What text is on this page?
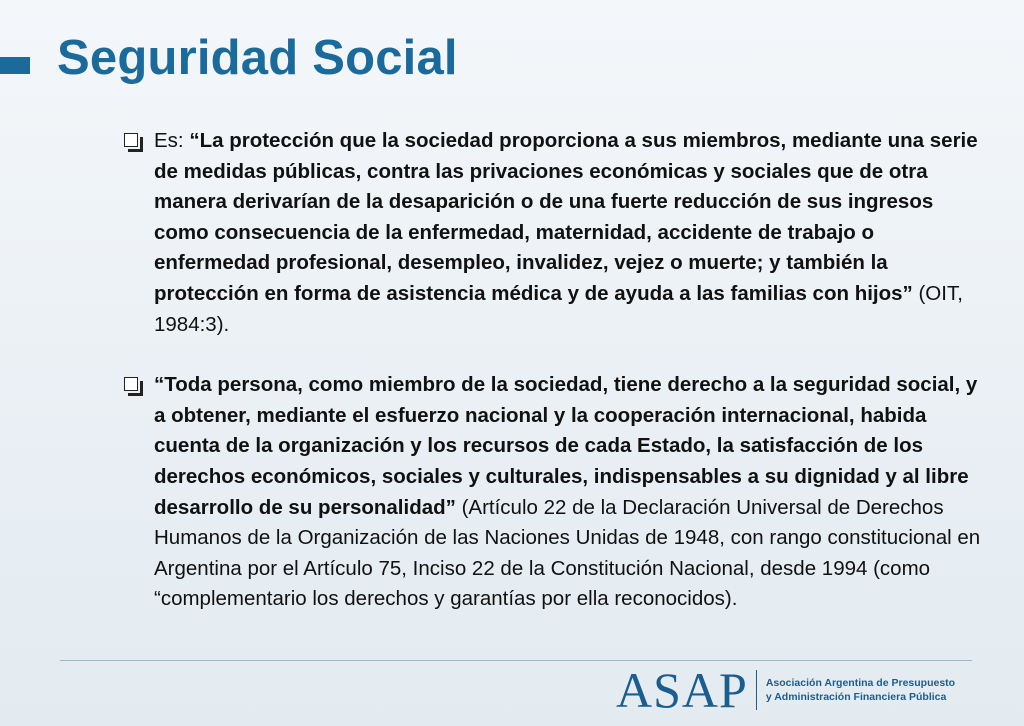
Seguridad Social
Es: “La protección que la sociedad proporciona a sus miembros, mediante una serie de medidas públicas, contra las privaciones económicas y sociales que de otra manera derivarían de la desaparición o de una fuerte reducción de sus ingresos como consecuencia de la enfermedad, maternidad, accidente de trabajo o enfermedad profesional, desempleo, invalidez, vejez o muerte; y también la protección en forma de asistencia médica y de ayuda a las familias con hijos” (OIT, 1984:3).
“Toda persona, como miembro de la sociedad, tiene derecho a la seguridad social, y a obtener, mediante el esfuerzo nacional y la cooperación internacional, habida cuenta de la organización y los recursos de cada Estado, la satisfacción de los derechos económicos, sociales y culturales, indispensables a su dignidad y al libre desarrollo de su personalidad” (Artículo 22 de la Declaración Universal de Derechos Humanos de la Organización de las Naciones Unidas de 1948, con rango constitucional en Argentina por el Artículo 75, Inciso 22 de la Constitución Nacional, desde 1994 (como “complementario los derechos y garantías por ella reconocidos).
ASAP Asociación Argentina de Presupuesto
y Administración Financiera Pública
